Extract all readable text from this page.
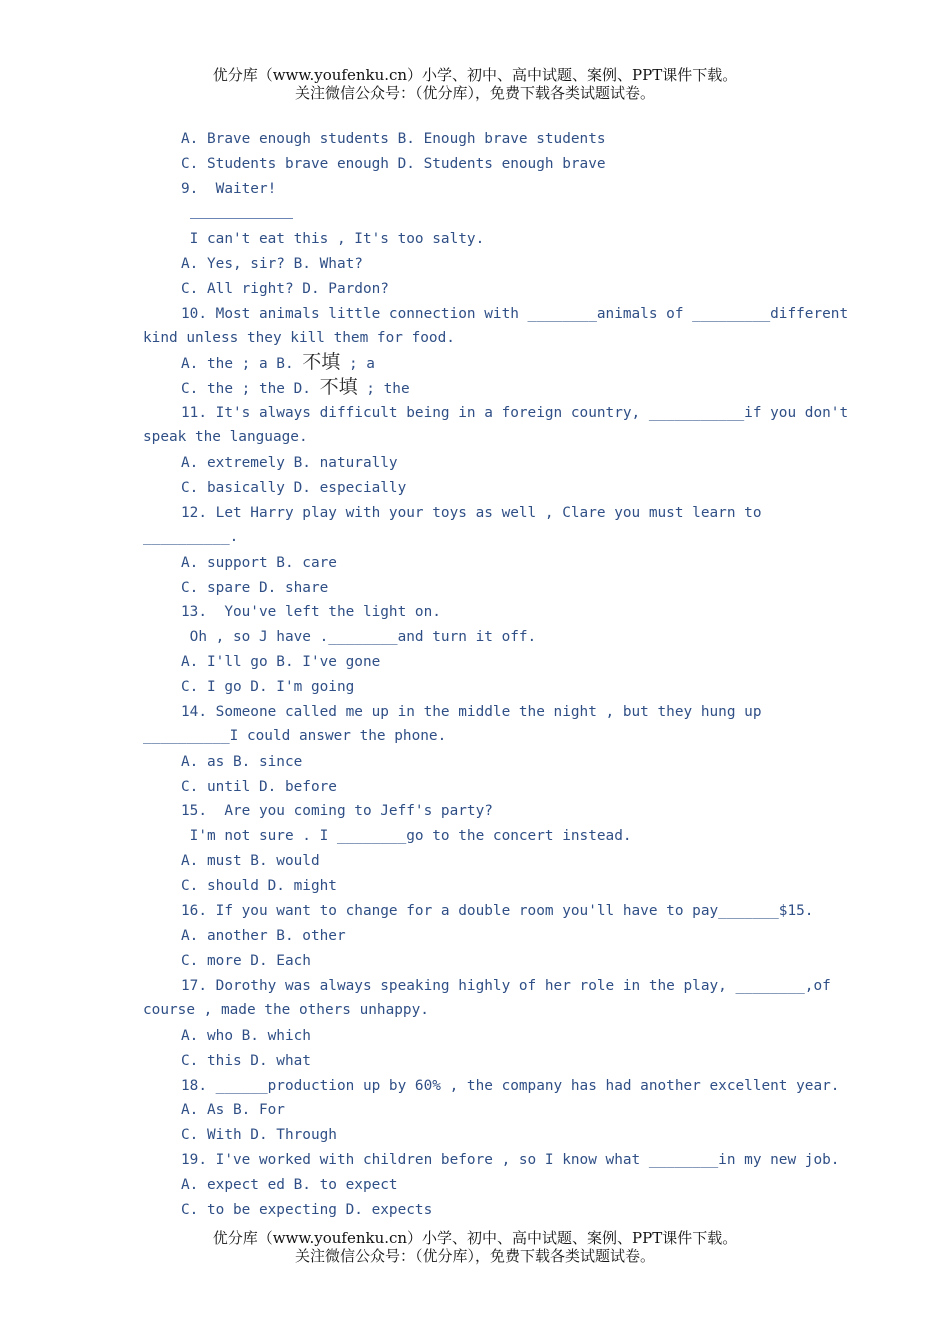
优分库（www.youfenku.cn）小学、初中、高中试题、案例、PPT课件下载。
关注微信公众号：（优分库），免费下载各类试题试卷。
A. Brave enough students B. Enough brave students
C. Students brave enough D. Students enough brave
9.  Waiter!
I can't eat this , It's too salty.
A. Yes, sir? B. What?
C. All right? D. Pardon?
10. Most animals little connection with ________animals of _________different
kind unless they kill them for food.
A. the ; a B. 不填 ; a
C. the ; the D. 不填 ; the
11. It's always difficult being in a foreign country, ___________if you don't
speak the language.
A. extremely B. naturally
C. basically D. especially
12. Let Harry play with your toys as well , Clare you must learn to
__________.
A. support B. care
C. spare D. share
13.  You've left the light on.
Oh , so J have .________and turn it off.
A. I'll go B. I've gone
C. I go D. I'm going
14. Someone called me up in the middle the night , but they hung up
__________I could answer the phone.
A. as B. since
C. until D. before
15.  Are you coming to Jeff's party?
I'm not sure . I ________go to the concert instead.
A. must B. would
C. should D. might
16. If you want to change for a double room you'll have to pay_______$15.
A. another B. other
C. more D. Each
17. Dorothy was always speaking highly of her role in the play, ________,of
course , made the others unhappy.
A. who B. which
C. this D. what
18. ______production up by 60% , the company has had another excellent year.
A. As B. For
C. With D. Through
19. I've worked with children before , so I know what ________in my new job.
A. expect ed B. to expect
C. to be expecting D. expects
优分库（www.youfenku.cn）小学、初中、高中试题、案例、PPT课件下载。
关注微信公众号：（优分库），免费下载各类试题试卷。
